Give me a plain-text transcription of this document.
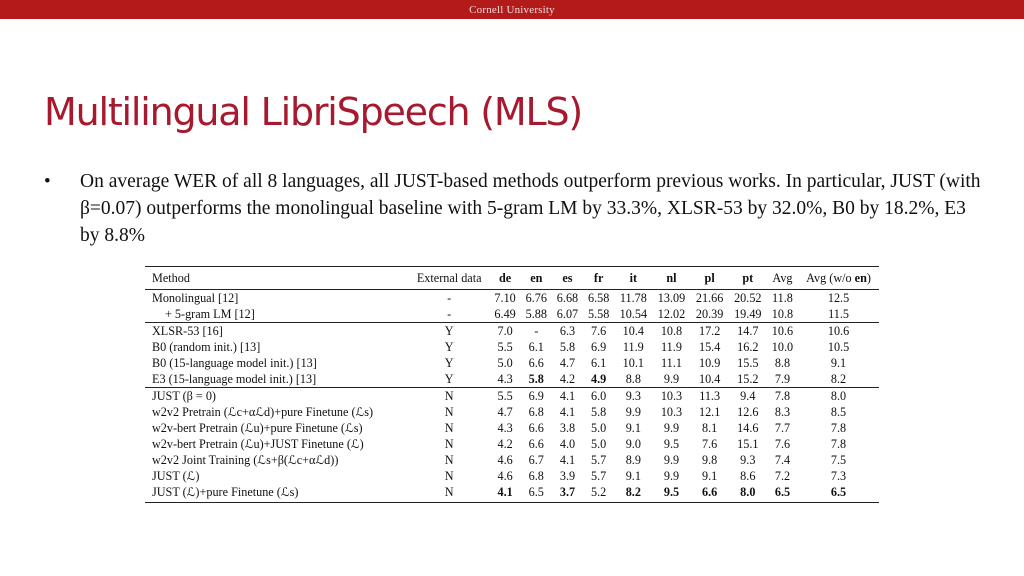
Cornell University
Multilingual LibriSpeech (MLS)
•	On average WER of all 8 languages, all JUST-based methods outperform previous works. In particular, JUST (with β=0.07) outperforms the monolingual baseline with 5-gram LM by 33.3%, XLSR-53 by 32.0%, B0 by 18.2%, E3 by 8.8%
Method	External data	de	en	es	fr	it	nl	pl	pt	Avg	Avg (w/o en)
Monolingual [12]	-	7.10	6.76	6.68	6.58	11.78	13.09	21.66	20.52	11.8	12.5
+ 5-gram LM [12]	-	6.49	5.88	6.07	5.58	10.54	12.02	20.39	19.49	10.8	11.5
XLSR-53 [16]	Y	7.0	-	6.3	7.6	10.4	10.8	17.2	14.7	10.6	10.6
B0 (random init.) [13]	Y	5.5	6.1	5.8	6.9	11.9	11.9	15.4	16.2	10.0	10.5
B0 (15-language model init.) [13]	Y	5.0	6.6	4.7	6.1	10.1	11.1	10.9	15.5	8.8	9.1
E3 (15-language model init.) [13]	Y	4.3	5.8	4.2	4.9	8.8	9.9	10.4	15.2	7.9	8.2
JUST (β = 0)	N	5.5	6.9	4.1	6.0	9.3	10.3	11.3	9.4	7.8	8.0
w2v2 Pretrain (ℒc+αℒd)+pure Finetune (ℒs)	N	4.7	6.8	4.1	5.8	9.9	10.3	12.1	12.6	8.3	8.5
w2v-bert Pretrain (ℒu)+pure Finetune (ℒs)	N	4.3	6.6	3.8	5.0	9.1	9.9	8.1	14.6	7.7	7.8
w2v-bert Pretrain (ℒu)+JUST Finetune (ℒ)	N	4.2	6.6	4.0	5.0	9.0	9.5	7.6	15.1	7.6	7.8
w2v2 Joint Training (ℒs+β(ℒc+αℒd))	N	4.6	6.7	4.1	5.7	8.9	9.9	9.8	9.3	7.4	7.5
JUST (ℒ)	N	4.6	6.8	3.9	5.7	9.1	9.9	9.1	8.6	7.2	7.3
JUST (ℒ)+pure Finetune (ℒs)	N	4.1	6.5	3.7	5.2	8.2	9.5	6.6	8.0	6.5	6.5
